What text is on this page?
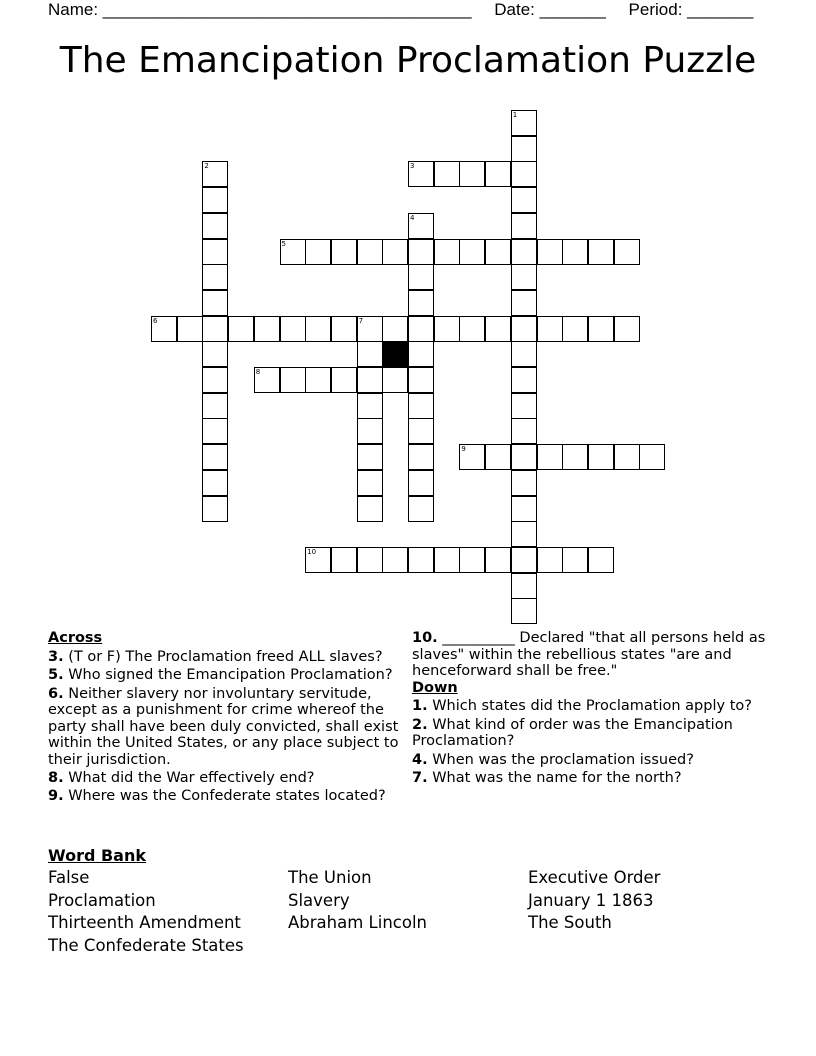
Name: _______________________________________ Date: _______ Period: _______
The Emancipation Proclamation Puzzle
1
2	3
4
5
6	7
8
9
10
Across
3. (T or F) The Proclamation freed ALL slaves?
5. Who signed the Emancipation Proclamation?
6. Neither slavery nor involuntary servitude, except as a punishment for crime whereof the party shall have been duly convicted, shall exist within the United States, or any place subject to their jurisdiction.
8. What did the War effectively end?
9. Where was the Confederate states located?
10. __________ Declared "that all persons held as slaves" within the rebellious states "are and henceforward shall be free."
Down
1. Which states did the Proclamation apply to?
2. What kind of order was the Emancipation Proclamation?
4. When was the proclamation issued?
7. What was the name for the north?
Word Bank
False
Proclamation
Thirteenth Amendment
The Confederate States
The Union
Slavery
Abraham Lincoln
Executive Order
January 1 1863
The South
